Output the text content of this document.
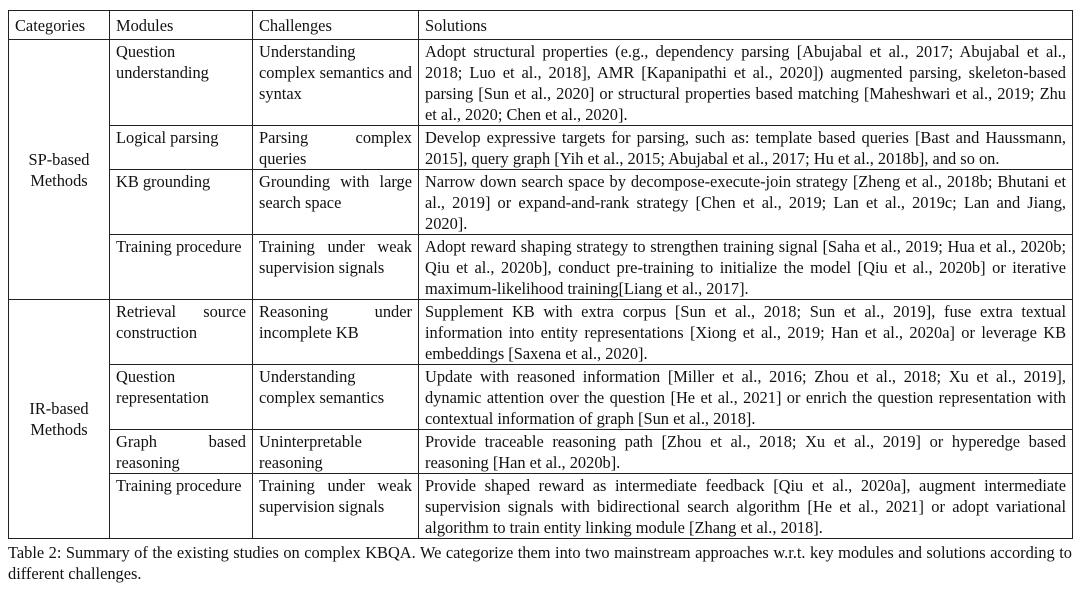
Categories	Modules	Challenges	Solutions
SP-based Methods	Question understanding	Understanding complex semantics and syntax	Adopt structural properties (e.g., dependency parsing [Abujabal et al., 2017; Abujabal et al., 2018; Luo et al., 2018], AMR [Kapanipathi et al., 2020]) augmented parsing, skeleton-based parsing [Sun et al., 2020] or structural properties based matching [Maheshwari et al., 2019; Zhu et al., 2020; Chen et al., 2020].
	Logical parsing	Parsing complex queries	Develop expressive targets for parsing, such as: template based queries [Bast and Haussmann, 2015], query graph [Yih et al., 2015; Abujabal et al., 2017; Hu et al., 2018b], and so on.
	KB grounding	Grounding with large search space	Narrow down search space by decompose-execute-join strategy [Zheng et al., 2018b; Bhutani et al., 2019] or expand-and-rank strategy [Chen et al., 2019; Lan et al., 2019c; Lan and Jiang, 2020].
	Training procedure	Training under weak supervision signals	Adopt reward shaping strategy to strengthen training signal [Saha et al., 2019; Hua et al., 2020b; Qiu et al., 2020b], conduct pre-training to initialize the model [Qiu et al., 2020b] or iterative maximum-likelihood training[Liang et al., 2017].
IR-based Methods	Retrieval source construction	Reasoning under incomplete KB	Supplement KB with extra corpus [Sun et al., 2018; Sun et al., 2019], fuse extra textual information into entity representations [Xiong et al., 2019; Han et al., 2020a] or leverage KB embeddings [Saxena et al., 2020].
	Question representation	Understanding complex semantics	Update with reasoned information [Miller et al., 2016; Zhou et al., 2018; Xu et al., 2019], dynamic attention over the question [He et al., 2021] or enrich the question representation with contextual information of graph [Sun et al., 2018].
	Graph based reasoning	Uninterpretable reasoning	Provide traceable reasoning path [Zhou et al., 2018; Xu et al., 2019] or hyperedge based reasoning [Han et al., 2020b].
	Training procedure	Training under weak supervision signals	Provide shaped reward as intermediate feedback [Qiu et al., 2020a], augment intermediate supervision signals with bidirectional search algorithm [He et al., 2021] or adopt variational algorithm to train entity linking module [Zhang et al., 2018].
Table 2: Summary of the existing studies on complex KBQA. We categorize them into two mainstream approaches w.r.t. key modules and solutions according to different challenges.
